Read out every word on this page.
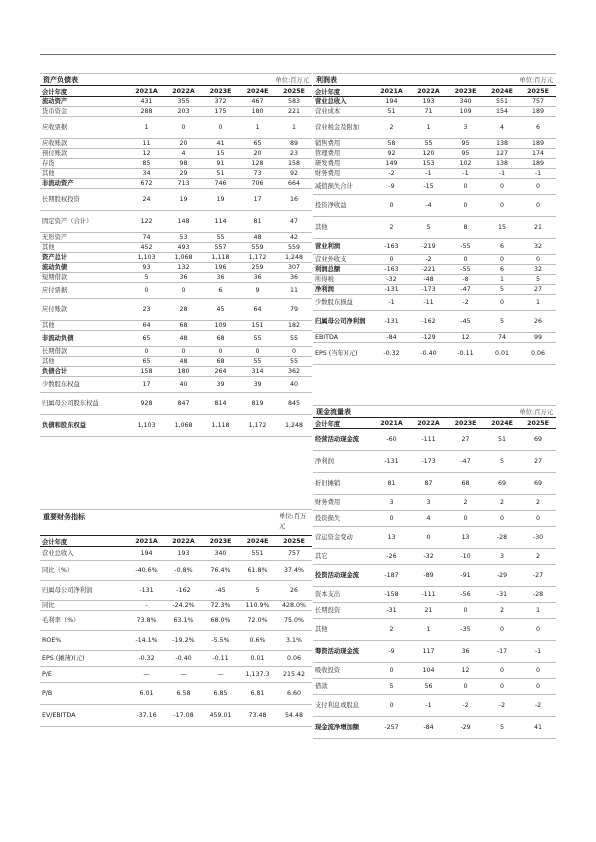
资产负债表	单位:百万元
会计年度	2021A	2022A	2023E	2024E	2025E
流动资产	431	355	372	467	583
货币资金	288	203	175	180	221
应收票据	1	0	0	1	1
应收账款	11	20	41	65	89
预付账款	12	4	15	20	23
存货	85	98	91	128	158
其他	34	29	51	73	92
非流动资产	672	713	746	706	664
长期股权投资	24	19	19	17	16
固定资产（合计）	122	148	114	81	47
无形资产	74	53	55	48	42
其他	452	493	557	559	559
资产总计	1,103	1,068	1,118	1,172	1,248
流动负债	93	132	196	259	307
短期借款	5	36	36	36	36
应付票据	0	0	6	9	11
应付账款	23	28	45	64	79
其他	64	68	109	151	182
非流动负债	65	48	68	55	55
长期借款	0	0	0	0	0
其他	65	48	68	55	55
负债合计	158	180	264	314	362
少数股东权益	17	40	39	39	40
归属母公司股东权益	928	847	814	819	845
负债和股东权益	1,103	1,068	1,118	1,172	1,248
重要财务指标	单位:百万元
会计年度	2021A	2022A	2023E	2024E	2025E
营业总收入	194	193	340	551	757
同比（%）	-40.6%	-0.8%	76.4%	61.8%	37.4%
归属母公司净利润	-131	-162	-45	5	26
同比	-	-24.2%	72.3%	110.9%	428.0%
毛利率（%）	73.8%	63.1%	68.0%	72.0%	75.0%
ROE%	-14.1%	-19.2%	-5.5%	0.6%	3.1%
EPS (摊薄)(元)	-0.32	-0.40	-0.11	0.01	0.06
P/E	—	—	—	1,137.3	215.42
P/B	6.01	6.58	6.85	6.81	6.60
EV/EBITDA	-37.16	-17.08	459.01	73.48	54.48
利润表	单位:百万元
会计年度	2021A	2022A	2023E	2024E	2025E
营业总收入	194	193	340	551	757
营业成本	51	71	109	154	189
营业税金及附加	2	1	3	4	6
销售费用	58	55	95	138	189
管理费用	92	120	95	127	174
研发费用	149	153	102	138	189
财务费用	-2	-1	-1	-1	-1
减值损失合计	-9	-15	0	0	0
投资净收益	0	-4	0	0	0
其他	2	5	8	15	21
营业利润	-163	-219	-55	6	32
营业外收支	0	-2	0	0	0
利润总额	-163	-221	-55	6	32
所得税	-32	-48	-8	1	5
净利润	-131	-173	-47	5	27
少数股东损益	-1	-11	-2	0	1
归属母公司净利润	-131	-162	-45	5	26
EBITDA	-84	-129	12	74	99
EPS (当年)(元)	-0.32	-0.40	-0.11	0.01	0.06
现金流量表	单位:百万元
会计年度	2021A	2022A	2023E	2024E	2025E
经营活动现金流	-60	-111	27	51	69
净利润	-131	-173	-47	5	27
折旧摊销	81	87	68	69	69
财务费用	3	3	2	2	2
投资损失	0	4	0	0	0
营运资金变动	13	0	13	-28	-30
其它	-26	-32	-10	3	2
投资活动现金流	-187	-89	-91	-29	-27
资本支出	-158	-111	-56	-31	-28
长期投资	-31	21	0	2	1
其他	2	1	-35	0	0
筹资活动现金流	-9	117	36	-17	-1
吸收投资	0	104	12	0	0
借款	5	56	0	0	0
支付利息或股息	0	-1	-2	-2	-2
现金流净增加额	-257	-84	-29	5	41
